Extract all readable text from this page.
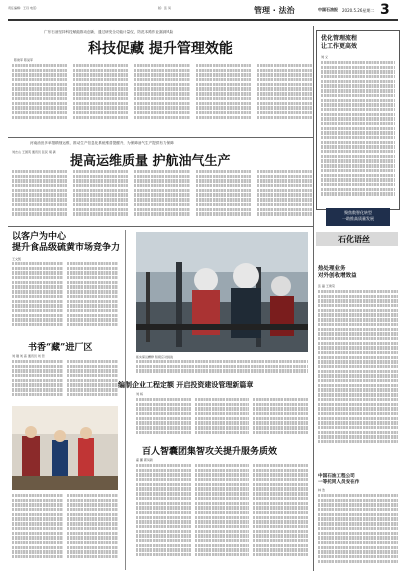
责任编辑：王丹 电话：	版：张 凤	管理 · 法治	中国石油报 2020.5.26星期二 3
广东石油坚持科技赋能推动创新，通过研发全功能计量仪，防范本路作业漏洞风险
科技促藏 提升管理效能
陈建军 陈昊军
河南油田多举措精细运维，推动生产信息化系统维普提醒升，为保障油气生产提供有力保障
提高运维质量 护航油气生产
刘志山 王国英 通讯员 张民 胡 龚
以客户为中心
提升食品级硫黄市场竞争力
王文凯
抓实保运精修 积极应对挑战
书香“藏”进厂区
刘 刚 刘 高 通讯员 刘 哲
编制企业工程定额 开启投资建设管理新篇章
刘 杨
百人智囊团集智攻关提升服务质效
翟 鹏 郭凤新
优化管理流程
让工作更高效
刘 义
聚焦数智化转型
一助推高质量发展
石化语丝
热处理业务
对外创收增效益
张 磊 王建景
中国石油工程公司
一等托同人员安在作
林 浩
